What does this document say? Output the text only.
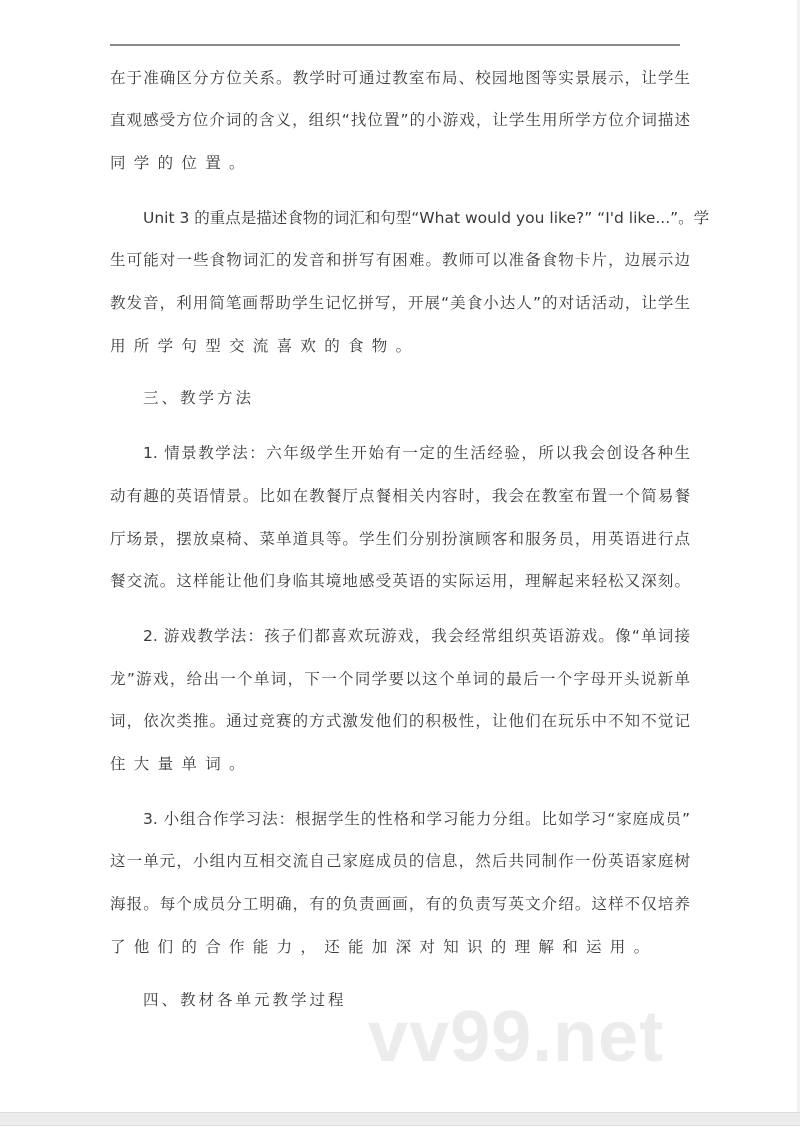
在于准确区分方位关系。教学时可通过教室布局、校园地图等实景展示，让学生
直观感受方位介词的含义，组织“找位置”的小游戏，让学生用所学方位介词描述
同学的位置。
Unit 3 的重点是描述食物的词汇和句型“What would you like?” “I'd like...”。学
生可能对一些食物词汇的发音和拼写有困难。教师可以准备食物卡片，边展示边
教发音，利用简笔画帮助学生记忆拼写，开展“美食小达人”的对话活动，让学生
用所学句型交流喜欢的食物。
三、教学方法
1. 情景教学法：六年级学生开始有一定的生活经验，所以我会创设各种生
动有趣的英语情景。比如在教餐厅点餐相关内容时，我会在教室布置一个简易餐
厅场景，摆放桌椅、菜单道具等。学生们分别扮演顾客和服务员，用英语进行点
餐交流。这样能让他们身临其境地感受英语的实际运用，理解起来轻松又深刻。
2. 游戏教学法：孩子们都喜欢玩游戏，我会经常组织英语游戏。像“单词接
龙”游戏，给出一个单词，下一个同学要以这个单词的最后一个字母开头说新单
词，依次类推。通过竞赛的方式激发他们的积极性，让他们在玩乐中不知不觉记
住大量单词。
3. 小组合作学习法：根据学生的性格和学习能力分组。比如学习“家庭成员”
这一单元，小组内互相交流自己家庭成员的信息，然后共同制作一份英语家庭树
海报。每个成员分工明确，有的负责画画，有的负责写英文介绍。这样不仅培养
了他们的合作能力，还能加深对知识的理解和运用。
四、教材各单元教学过程 vv99.net
